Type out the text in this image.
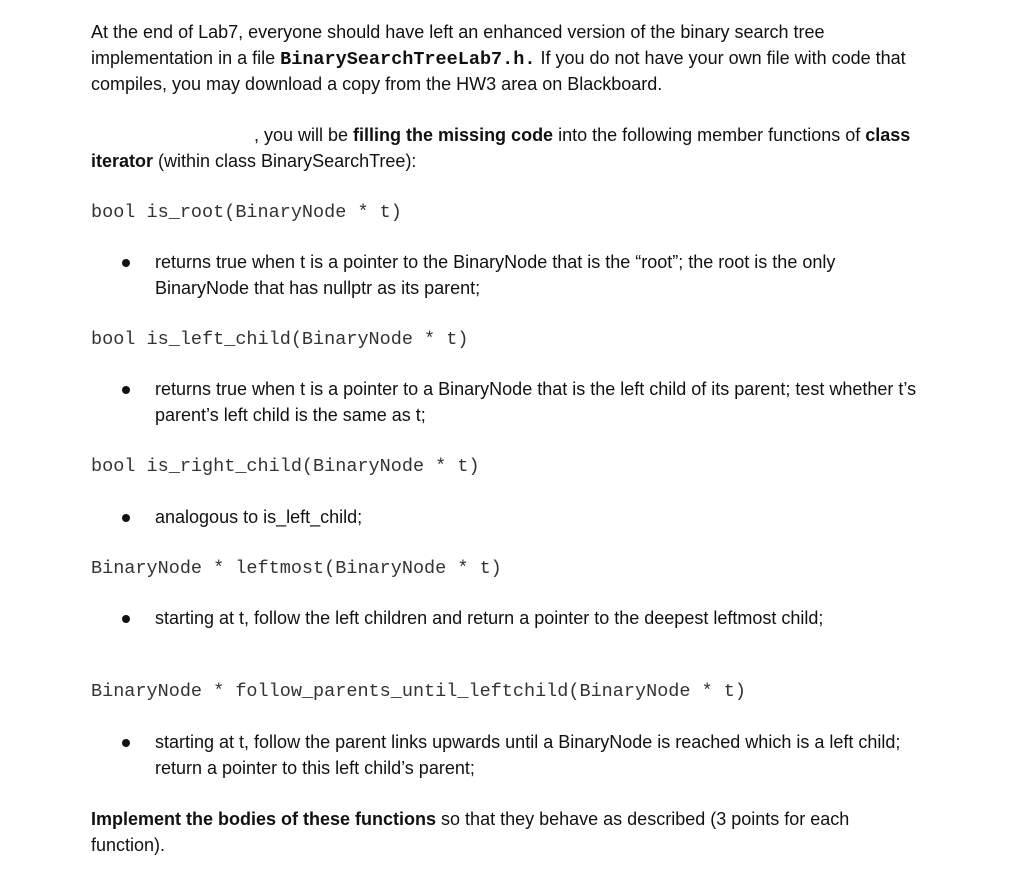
At the end of Lab7, everyone should have left an enhanced version of the binary search tree implementation in a file BinarySearchTreeLab7.h. If you do not have your own file with code that compiles, you may download a copy from the HW3 area on Blackboard.

, you will be filling the missing code into the following member functions of class iterator (within class BinarySearchTree):

bool is_root(BinaryNode * t)
returns true when t is a pointer to the BinaryNode that is the “root”; the root is the only BinaryNode that has nullptr as its parent;
bool is_left_child(BinaryNode * t)
returns true when t is a pointer to a BinaryNode that is the left child of its parent; test whether t’s parent’s left child is the same as t;
bool is_right_child(BinaryNode * t)
analogous to is_left_child;
BinaryNode * leftmost(BinaryNode * t)
starting at t, follow the left children and return a pointer to the deepest leftmost child;
BinaryNode * follow_parents_until_leftchild(BinaryNode * t)
starting at t, follow the parent links upwards until a BinaryNode is reached which is a left child; return a pointer to this left child’s parent;

Implement the bodies of these functions so that they behave as described (3 points for each function).
